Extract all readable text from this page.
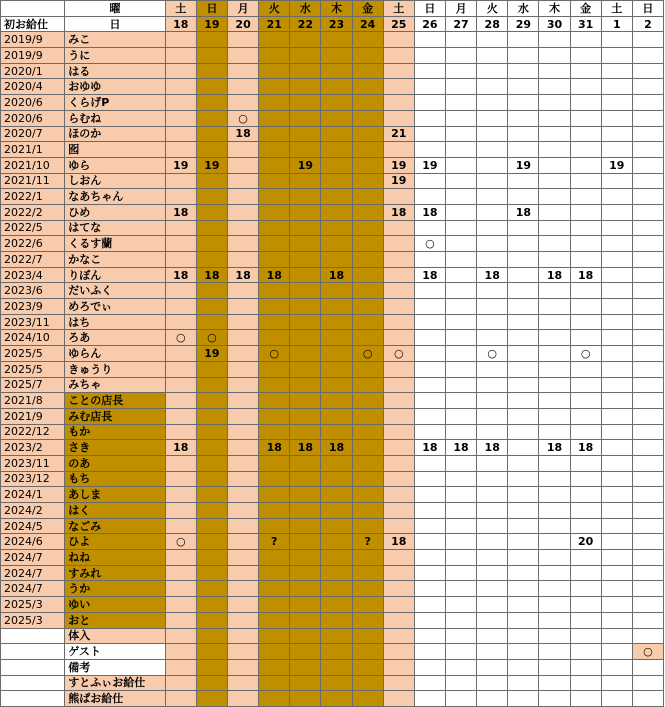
	曜	土	日	月	火	水	木	金	土	日	月	火	水	木	金	土	日
初お給仕	日	18	19	20	21	22	23	24	25	26	27	28	29	30	31	1	2
2019/9	みこ																
2019/9	うに																
2020/1	はる																
2020/4	おゆゆ																
2020/6	くらげP																
2020/6	らむね			○													
2020/7	ほのか			18					21								
2021/1	囮																
2021/10	ゆら	19	19			19			19	19			19			19	
2021/11	しおん								19								
2022/1	なあちゃん																
2022/2	ひめ	18							18	18			18				
2022/5	はてな																
2022/6	くるす蘭									○							
2022/7	かなこ																
2023/4	りぼん	18	18	18	18		18			18		18		18	18		
2023/6	だいふく																
2023/9	めろでぃ																
2023/11	はち																
2024/10	ろあ	○	○														
2025/5	ゆらん		19		○			○	○			○			○		
2025/5	きゅうり																
2025/7	みちゃ																
2021/8	ことの店長																
2021/9	みむ店長																
2022/12	もか																
2023/2	さき	18			18	18	18			18	18	18		18	18		
2023/11	のあ																
2023/12	もち																
2024/1	あしま																
2024/2	はく																
2024/5	なごみ																
2024/6	ひよ	○			?			?	18						20		
2024/7	ねね																
2024/7	すみれ																
2024/7	うか																
2025/3	ゆい																
2025/3	おと																
	体入																
	ゲスト																○
	備考																
	すとふぃお給仕																
	熊ぱお給仕																
